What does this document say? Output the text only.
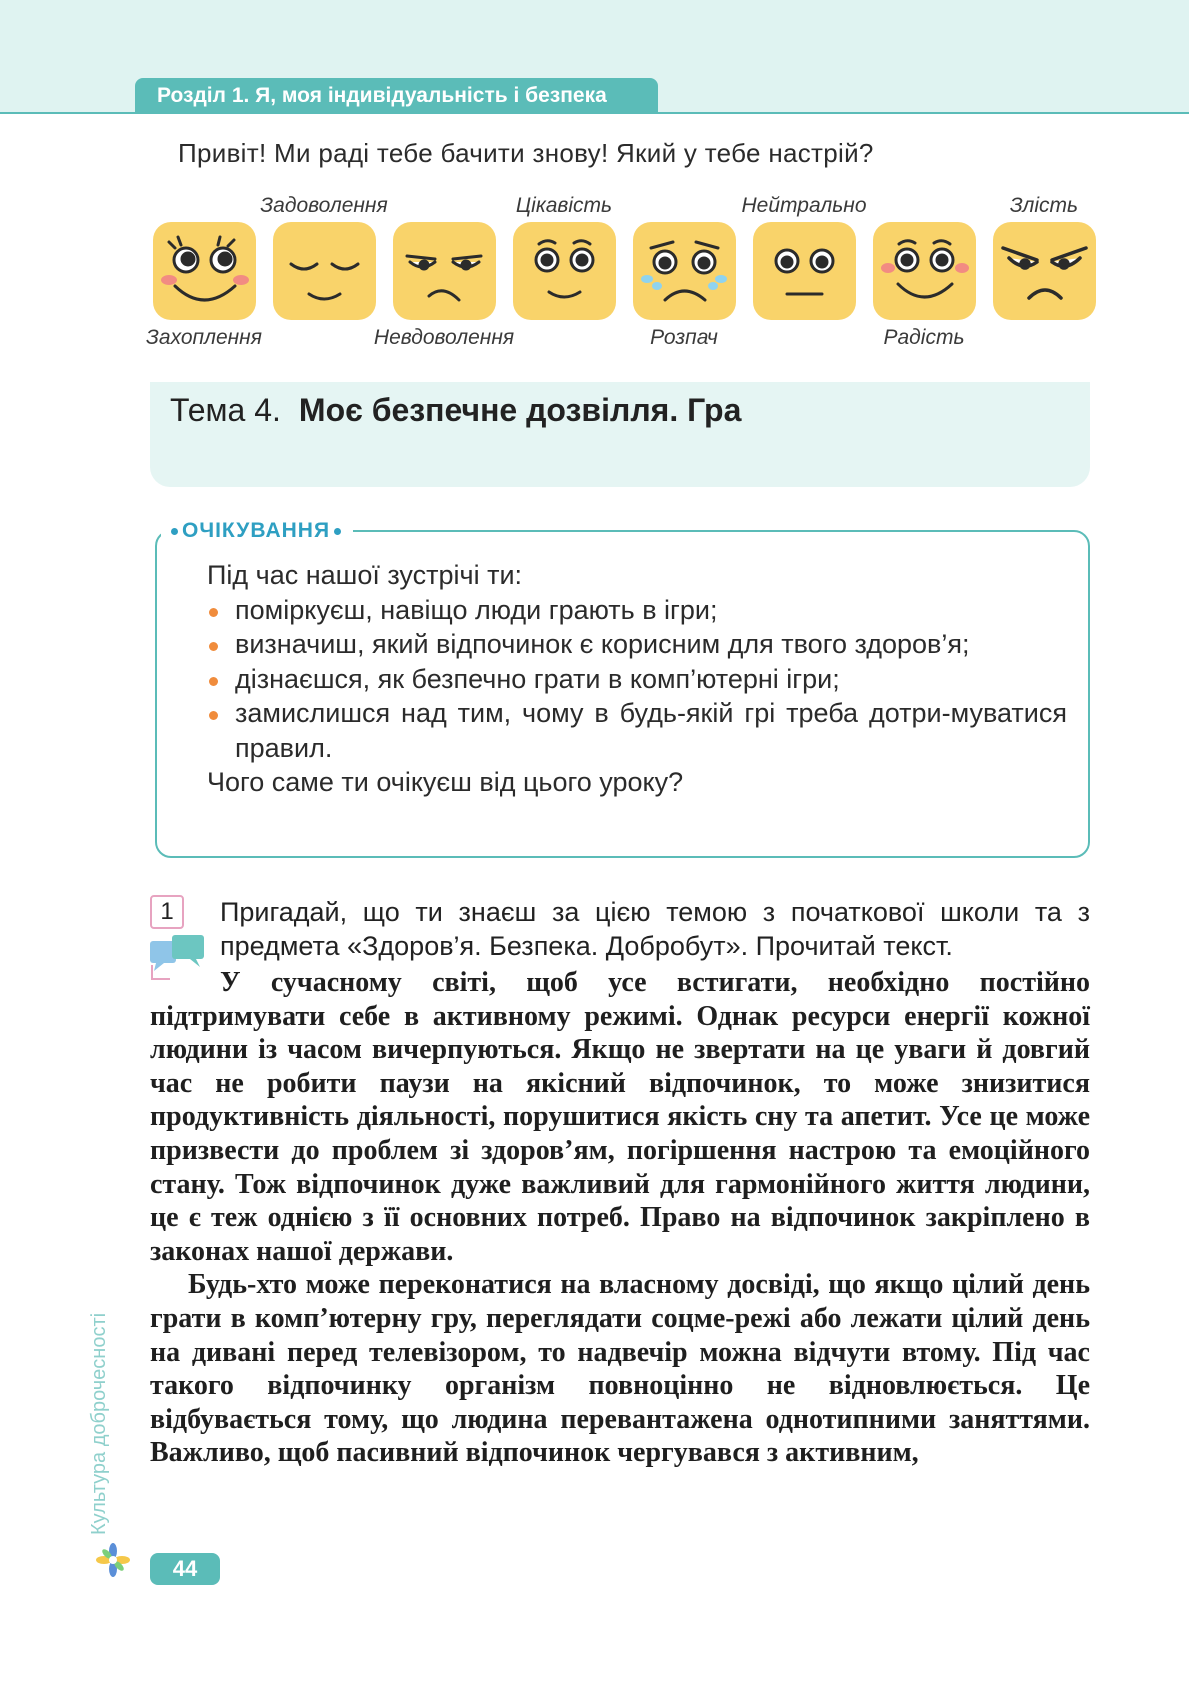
Розділ 1. Я, моя індивідуальність і безпека
Привіт! Ми раді тебе бачити знову! Який у тебе настрій?
Захоплення
Задоволення
Невдоволення
Цікавість
Розпач
Нейтрально
Радість
Злість
Тема 4. Моє безпечне дозвілля. Гра
ОЧІКУВАННЯ

Під час нашої зустрічі ти:

поміркуєш, навіщо люди грають в ігри;

визначиш, який відпочинок є корисним для твого здоров’я;

дізнаєшся, як безпечно грати в комп’ютерні ігри;

замислишся над тим, чому в будь-якій грі треба дотри-муватися правил.

Чого саме ти очікуєш від цього уроку?

1	Пригадай, що ти знаєш за цією темою з початкової школи та з предмета «Здоров’я. Безпека. Добробут». Прочитай текст.

У сучасному світі, щоб усе встигати, необхідно постійно підтримувати себе в активному режимі. Однак ресурси енергії кожної людини із часом вичерпуються. Якщо не звертати на це уваги й довгий час не робити паузи на якісний відпочинок, то може знизитися продуктивність діяльності, порушитися якість сну та апетит. Усе це може призвести до проблем зі здоров’ям, погіршення настрою та емоційного стану. Тож відпочинок дуже важливий для гармонійного життя людини, це є теж однією з її основних потреб. Право на відпочинок закріплено в законах нашої держави.

Будь-хто може переконатися на власному досвіді, що якщо цілий день грати в комп’ютерну гру, переглядати соцме-режі або лежати цілий день на дивані перед телевізором, то надвечір можна відчути втому. Під час такого відпочинку організм повноцінно не відновлюється. Це відбувається тому, що людина перевантажена однотипними заняттями. Важливо, щоб пасивний відпочинок чергувався з активним,

Культура доброчесності
44
